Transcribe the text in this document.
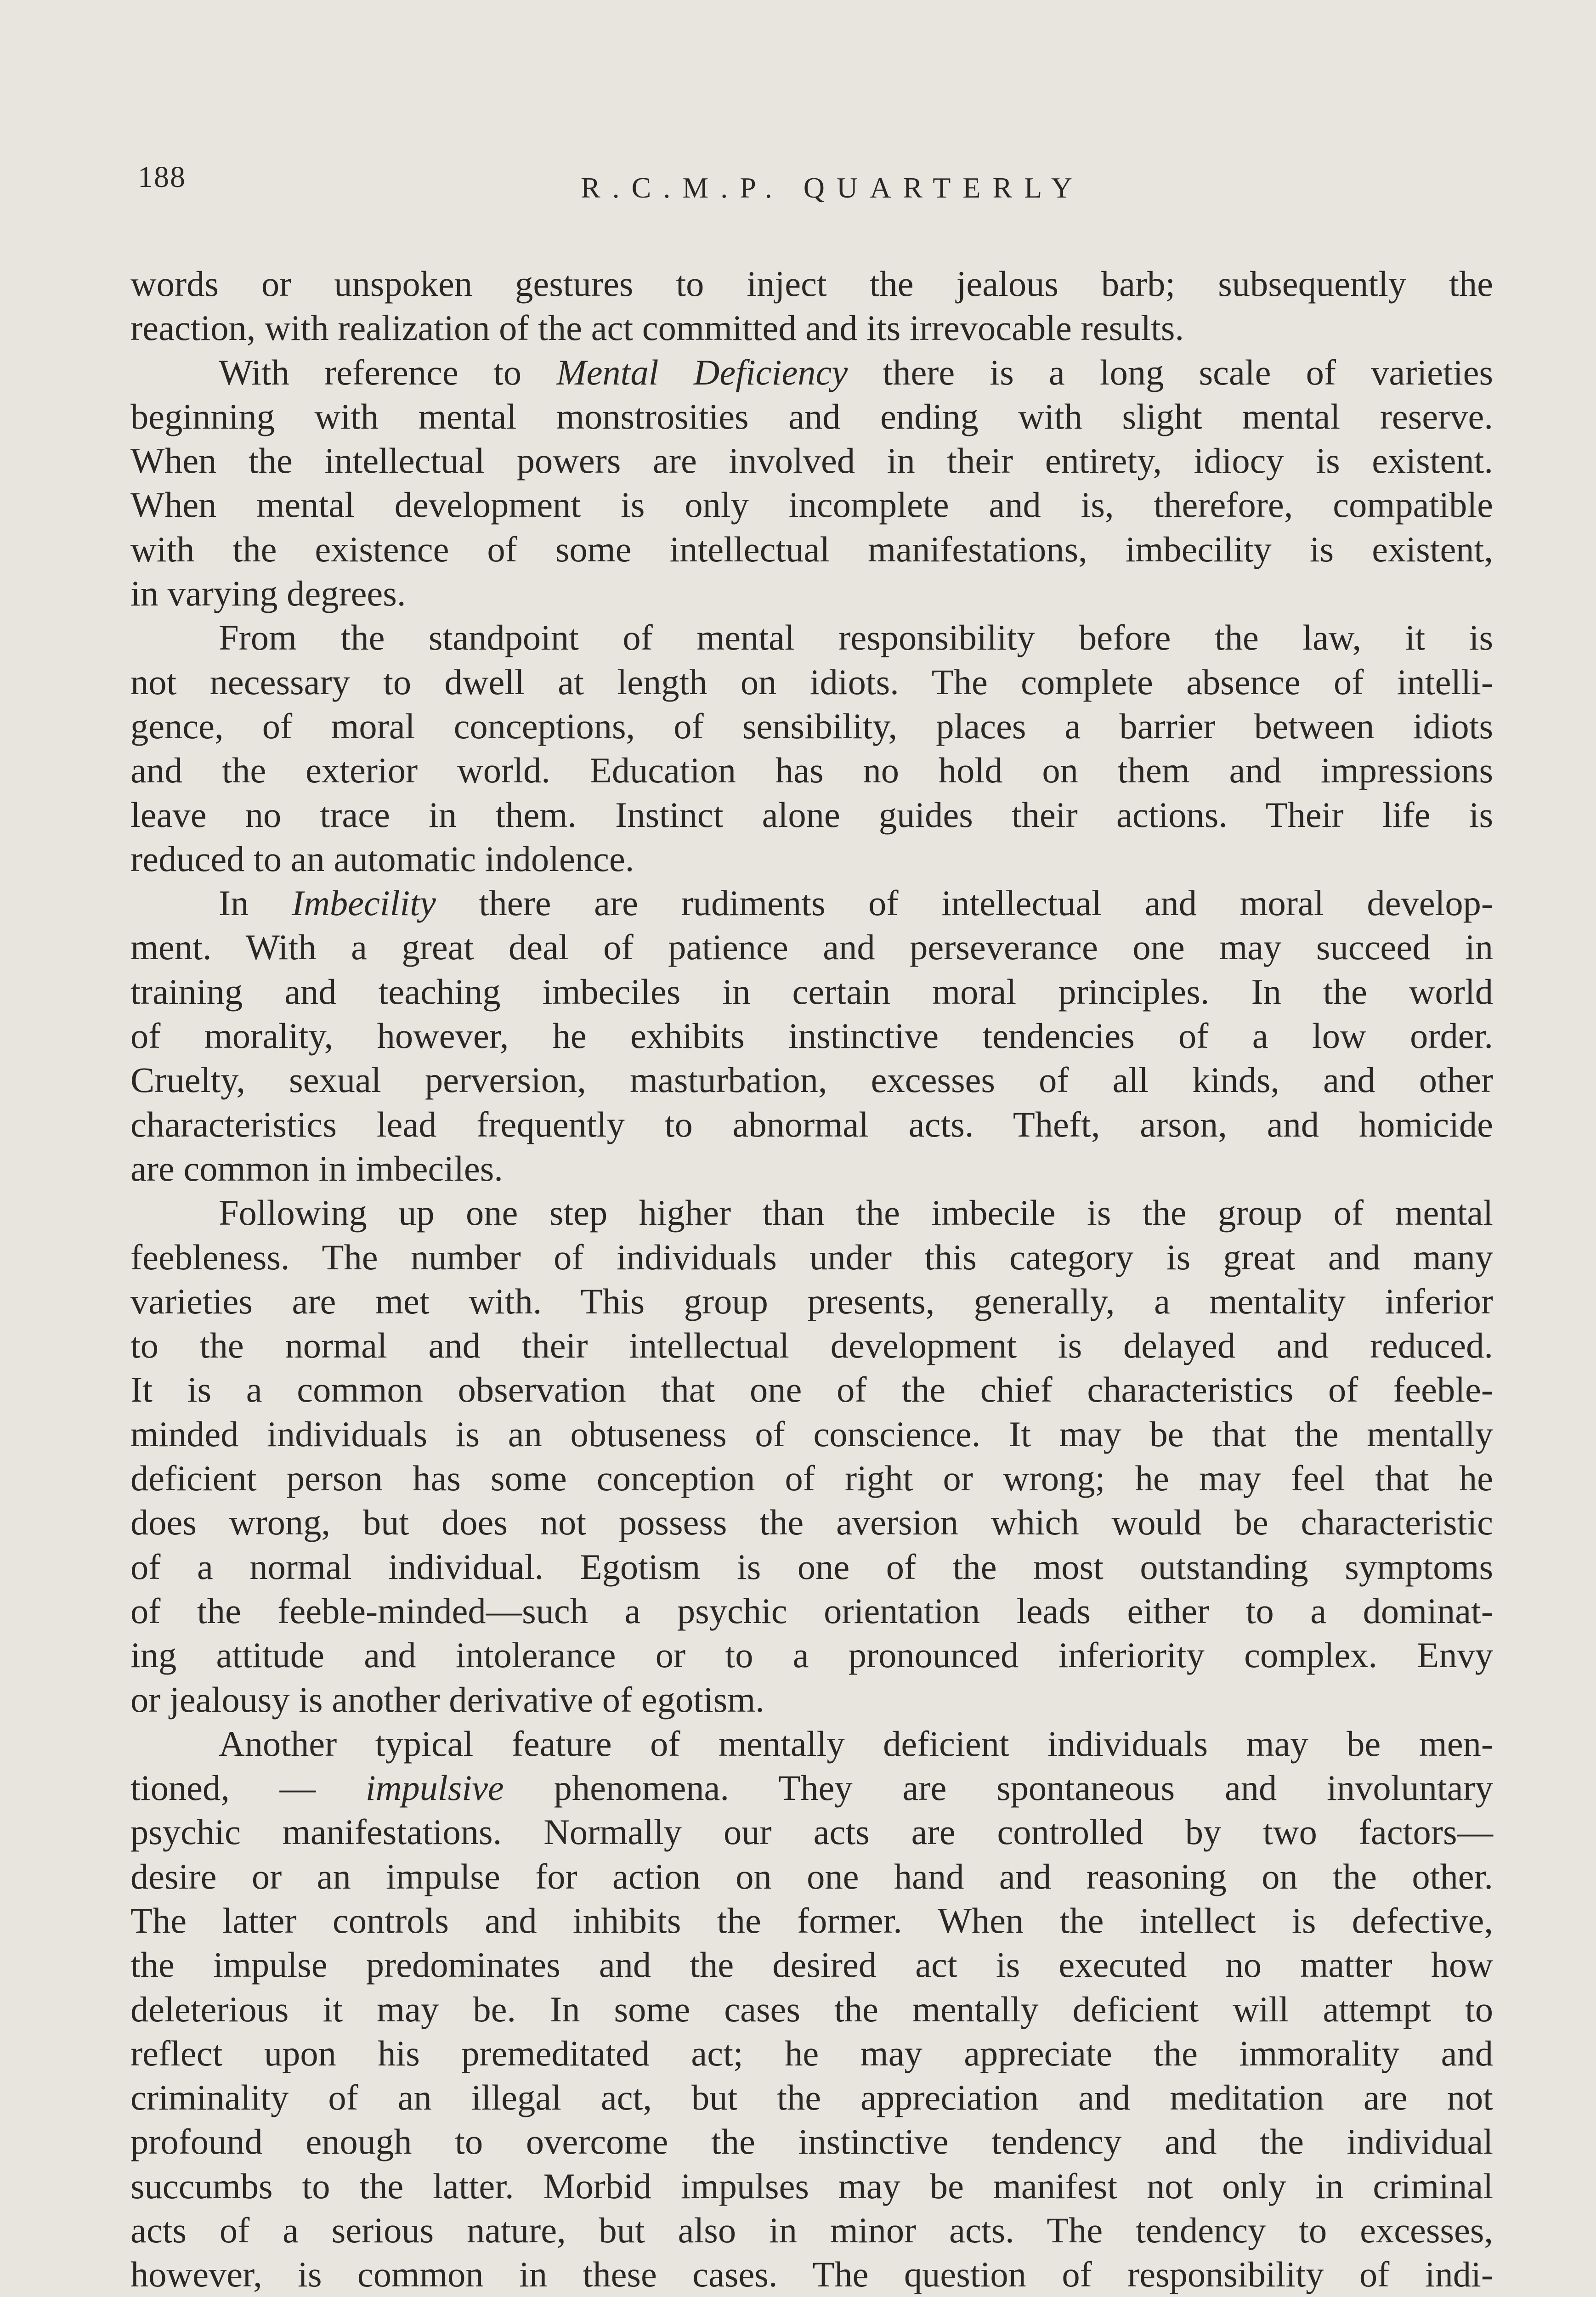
188	R.C.M.P. QUARTERLY
words or unspoken gestures to inject the jealous barb; subsequently the
reaction, with realization of the act committed and its irrevocable results.
With reference to Mental Deficiency there is a long scale of varieties
beginning with mental monstrosities and ending with slight mental reserve.
When the intellectual powers are involved in their entirety, idiocy is existent.
When mental development is only incomplete and is, therefore, compatible
with the existence of some intellectual manifestations, imbecility is existent,
in varying degrees.
From the standpoint of mental responsibility before the law, it is
not necessary to dwell at length on idiots. The complete absence of intelli-
gence, of moral conceptions, of sensibility, places a barrier between idiots
and the exterior world. Education has no hold on them and impressions
leave no trace in them. Instinct alone guides their actions. Their life is
reduced to an automatic indolence.
In Imbecility there are rudiments of intellectual and moral develop-
ment. With a great deal of patience and perseverance one may succeed in
training and teaching imbeciles in certain moral principles. In the world
of morality, however, he exhibits instinctive tendencies of a low order.
Cruelty, sexual perversion, masturbation, excesses of all kinds, and other
characteristics lead frequently to abnormal acts. Theft, arson, and homicide
are common in imbeciles.
Following up one step higher than the imbecile is the group of mental
feebleness. The number of individuals under this category is great and many
varieties are met with. This group presents, generally, a mentality inferior
to the normal and their intellectual development is delayed and reduced.
It is a common observation that one of the chief characteristics of feeble-
minded individuals is an obtuseness of conscience. It may be that the mentally
deficient person has some conception of right or wrong; he may feel that he
does wrong, but does not possess the aversion which would be characteristic
of a normal individual. Egotism is one of the most outstanding symptoms
of the feeble-minded—such a psychic orientation leads either to a dominat-
ing attitude and intolerance or to a pronounced inferiority complex. Envy
or jealousy is another derivative of egotism.
Another typical feature of mentally deficient individuals may be men-
tioned, — impulsive phenomena. They are spontaneous and involuntary
psychic manifestations. Normally our acts are controlled by two factors—
desire or an impulse for action on one hand and reasoning on the other.
The latter controls and inhibits the former. When the intellect is defective,
the impulse predominates and the desired act is executed no matter how
deleterious it may be. In some cases the mentally deficient will attempt to
reflect upon his premeditated act; he may appreciate the immorality and
criminality of an illegal act, but the appreciation and meditation are not
profound enough to overcome the instinctive tendency and the individual
succumbs to the latter. Morbid impulses may be manifest not only in criminal
acts of a serious nature, but also in minor acts. The tendency to excesses,
however, is common in these cases. The question of responsibility of indi-
